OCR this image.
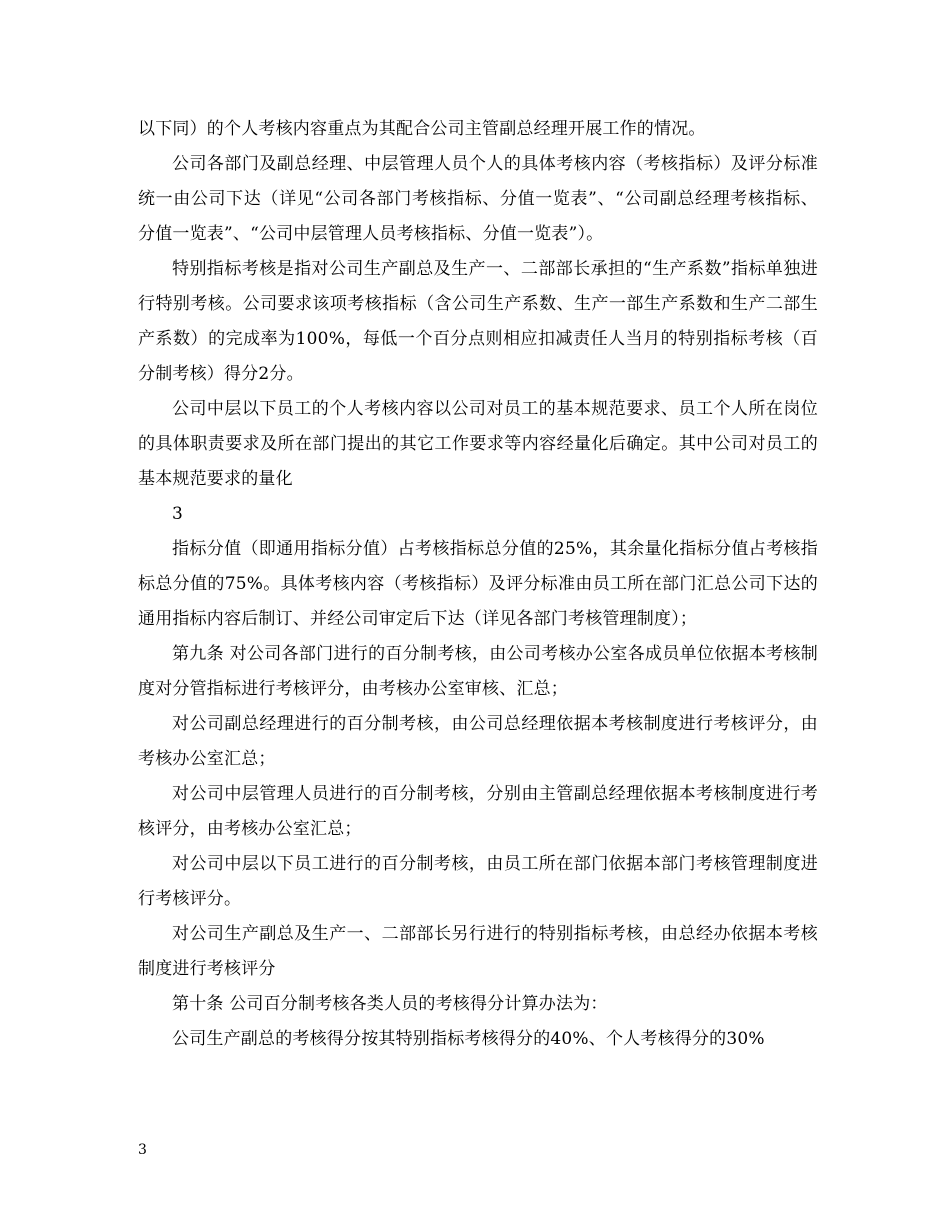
以下同）的个人考核内容重点为其配合公司主管副总经理开展工作的情况。

公司各部门及副总经理、中层管理人员个人的具体考核内容（考核指标）及评分标准统一由公司下达（详见“公司各部门考核指标、分值一览表”、“公司副总经理考核指标、分值一览表”、“公司中层管理人员考核指标、分值一览表”）。

特别指标考核是指对公司生产副总及生产一、二部部长承担的“生产系数”指标单独进行特别考核。公司要求该项考核指标（含公司生产系数、生产一部生产系数和生产二部生产系数）的完成率为100%，每低一个百分点则相应扣减责任人当月的特别指标考核（百分制考核）得分2分。

公司中层以下员工的个人考核内容以公司对员工的基本规范要求、员工个人所在岗位的具体职责要求及所在部门提出的其它工作要求等内容经量化后确定。其中公司对员工的基本规范要求的量化

3

指标分值（即通用指标分值）占考核指标总分值的25%，其余量化指标分值占考核指标总分值的75%。具体考核内容（考核指标）及评分标准由员工所在部门汇总公司下达的通用指标内容后制订、并经公司审定后下达（详见各部门考核管理制度）；

第九条 对公司各部门进行的百分制考核，由公司考核办公室各成员单位依据本考核制度对分管指标进行考核评分，由考核办公室审核、汇总；

对公司副总经理进行的百分制考核，由公司总经理依据本考核制度进行考核评分，由考核办公室汇总；

对公司中层管理人员进行的百分制考核，分别由主管副总经理依据本考核制度进行考核评分，由考核办公室汇总；

对公司中层以下员工进行的百分制考核，由员工所在部门依据本部门考核管理制度进行考核评分。

对公司生产副总及生产一、二部部长另行进行的特别指标考核，由总经办依据本考核制度进行考核评分

第十条 公司百分制考核各类人员的考核得分计算办法为：

公司生产副总的考核得分按其特别指标考核得分的40%、个人考核得分的30%

3
